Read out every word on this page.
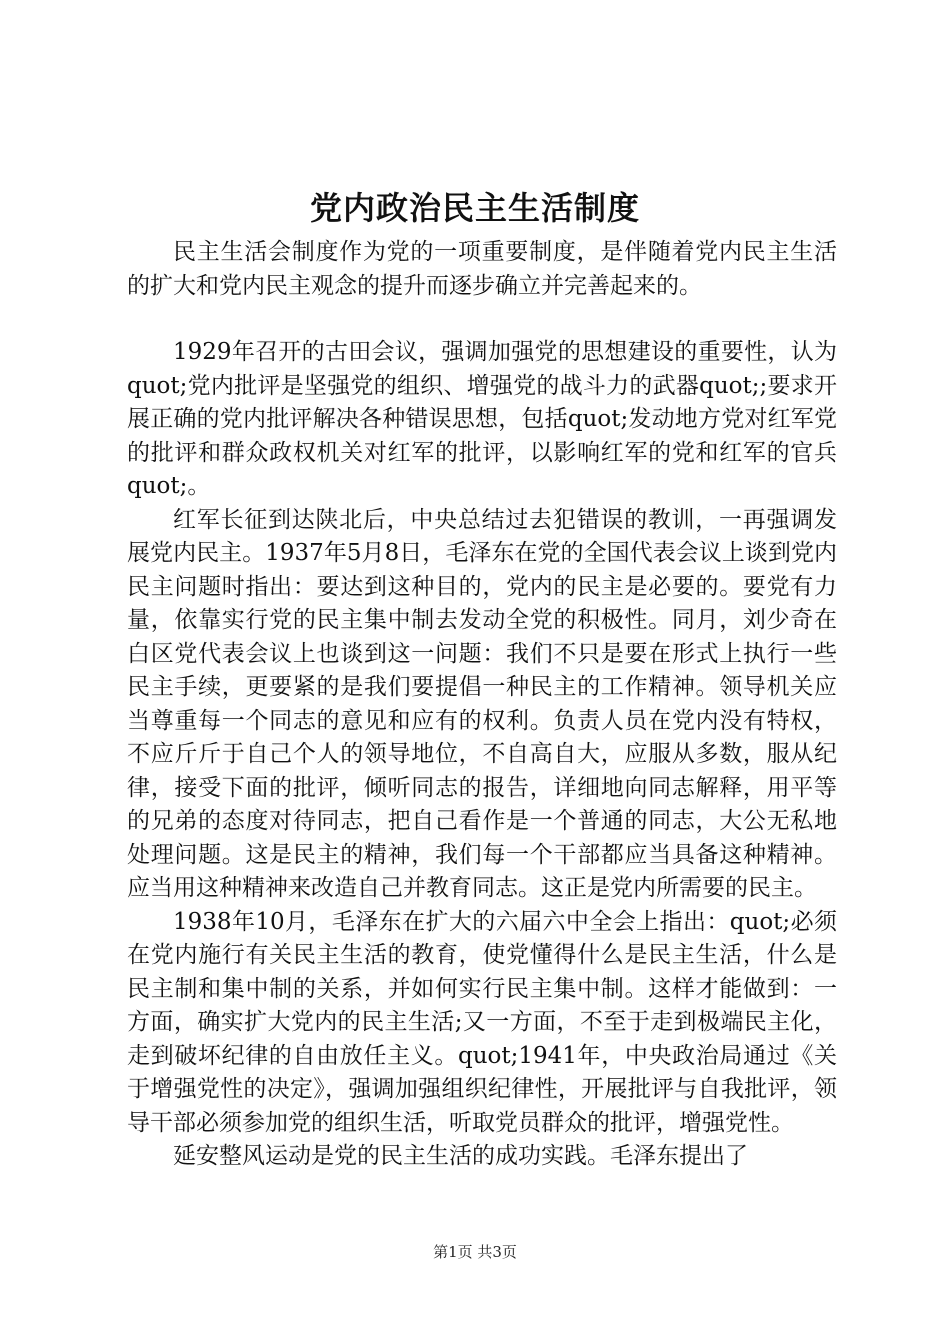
党内政治民主生活制度

民主生活会制度作为党的一项重要制度，是伴随着党内民主生活的扩大和党内民主观念的提升而逐步确立并完善起来的。

1929年召开的古田会议，强调加强党的思想建设的重要性，认为quot;党内批评是坚强党的组织、增强党的战斗力的武器quot;;要求开展正确的党内批评解决各种错误思想，包括quot;发动地方党对红军党的批评和群众政权机关对红军的批评，以影响红军的党和红军的官兵quot;。

红军长征到达陕北后，中央总结过去犯错误的教训，一再强调发展党内民主。1937年5月8日，毛泽东在党的全国代表会议上谈到党内民主问题时指出：要达到这种目的，党内的民主是必要的。要党有力量，依靠实行党的民主集中制去发动全党的积极性。同月，刘少奇在白区党代表会议上也谈到这一问题：我们不只是要在形式上执行一些民主手续，更要紧的是我们要提倡一种民主的工作精神。领导机关应当尊重每一个同志的意见和应有的权利。负责人员在党内没有特权，不应斤斤于自己个人的领导地位，不自高自大，应服从多数，服从纪律，接受下面的批评，倾听同志的报告，详细地向同志解释，用平等的兄弟的态度对待同志，把自己看作是一个普通的同志，大公无私地处理问题。这是民主的精神，我们每一个干部都应当具备这种精神。应当用这种精神来改造自己并教育同志。这正是党内所需要的民主。

1938年10月，毛泽东在扩大的六届六中全会上指出：quot;必须在党内施行有关民主生活的教育，使党懂得什么是民主生活，什么是民主制和集中制的关系，并如何实行民主集中制。这样才能做到：一方面，确实扩大党内的民主生活;又一方面，不至于走到极端民主化，走到破坏纪律的自由放任主义。quot;1941年，中央政治局通过《关于增强党性的决定》，强调加强组织纪律性，开展批评与自我批评，领导干部必须参加党的组织生活，听取党员群众的批评，增强党性。

延安整风运动是党的民主生活的成功实践。毛泽东提出了

第1页 共3页
